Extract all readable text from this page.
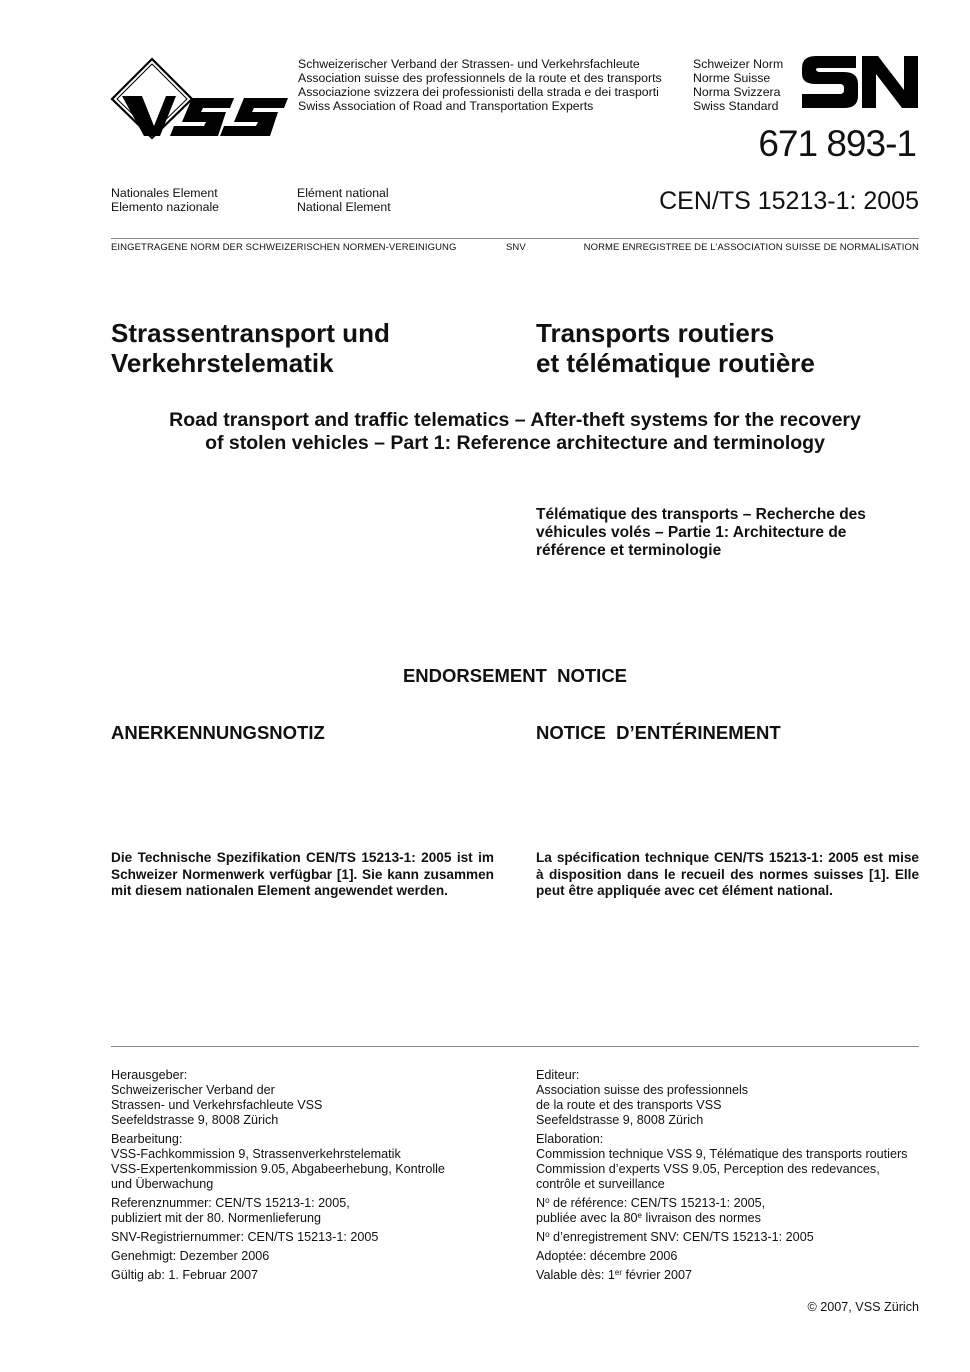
Schweizerischer Verband der Strassen- und Verkehrsfachleute
Association suisse des professionnels de la route et des transports
Associazione svizzera dei professionisti della strada e dei trasporti
Swiss Association of Road and Transportation Experts
Schweizer Norm
Norme Suisse
Norma Svizzera
Swiss Standard
671 893-1
Nationales Element
Elemento nazionale
Elément national
National Element	CEN/TS 15213-1: 2005
EINGETRAGENE NORM DER SCHWEIZERISCHEN NORMEN-VEREINIGUNG	SNV	NORME ENREGISTREE DE L’ASSOCIATION SUISSE DE NORMALISATION
Strassentransport und
Verkehrstelematik
Transports routiers
et télématique routière
Road transport and traffic telematics – After-theft systems for the recovery
of stolen vehicles – Part 1: Reference architecture and terminology
Télématique des transports – Recherche des
véhicules volés – Partie 1: Architecture de
référence et terminologie
ENDORSEMENT  NOTICE
ANERKENNUNGSNOTIZ	NOTICE  D’ENTÉRINEMENT
Die Technische Spezifikation CEN/TS 15213-1: 2005 ist im Schweizer Normenwerk verfügbar [1]. Sie kann zusammen mit diesem nationalen Element angewendet werden.
La spécification technique CEN/TS 15213-1: 2005 est mise à disposition dans le recueil des normes suisses [1]. Elle peut être appliquée avec cet élément national.

Herausgeber:
Schweizerischer Verband der
Strassen- und Verkehrsfachleute VSS
Seefeldstrasse 9, 8008 Zürich

Bearbeitung:
VSS-Fachkommission 9, Strassenverkehrstelematik
VSS-Expertenkommission 9.05, Abgabeerhebung, Kontrolle
und Überwachung

Referenznummer: CEN/TS 15213-1: 2005,
publiziert mit der 80. Normenlieferung

SNV-Registriernummer: CEN/TS 15213-1: 2005

Genehmigt: Dezember 2006

Gültig ab: 1. Februar 2007

Editeur:
Association suisse des professionnels
de la route et des transports VSS
Seefeldstrasse 9, 8008 Zürich

Elaboration:
Commission technique VSS 9, Télématique des transports routiers
Commission d’experts VSS 9.05, Perception des redevances,
contrôle et surveillance

$N^o$ de référence: CEN/TS 15213-1: 2005,
publiée avec la 80e livraison des normes

$N^o$ d’enregistrement SNV: CEN/TS 15213-1: 2005

Adoptée: décembre 2006

Valable dès: 1er février 2007

© 2007, VSS Zürich
